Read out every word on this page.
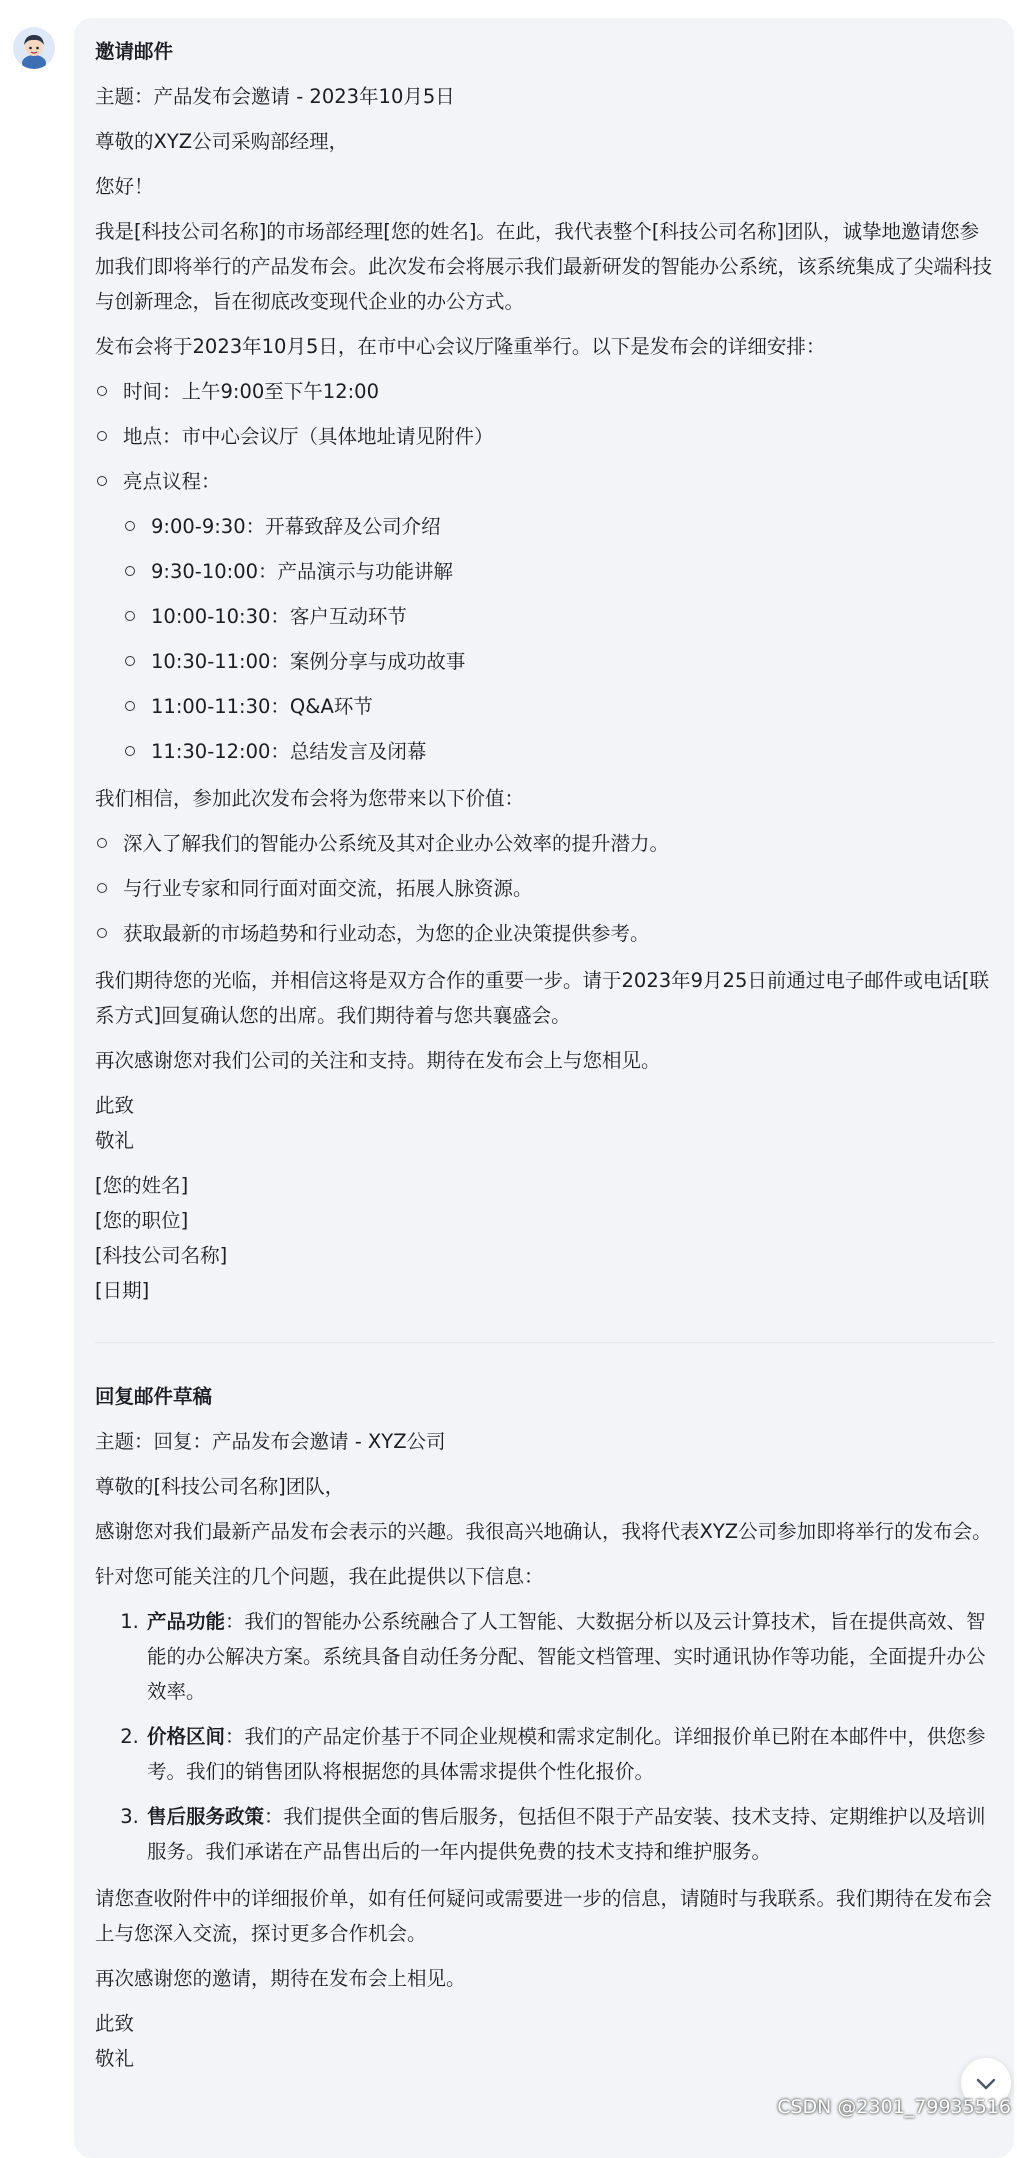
邀请邮件
主题：产品发布会邀请 - 2023年10月5日
尊敬的XYZ公司采购部经理，
您好！
我是[科技公司名称]的市场部经理[您的姓名]。在此，我代表整个[科技公司名称]团队，诚挚地邀请您参加我们即将举行的产品发布会。此次发布会将展示我们最新研发的智能办公系统，该系统集成了尖端科技与创新理念，旨在彻底改变现代企业的办公方式。
发布会将于2023年10月5日，在市中心会议厅隆重举行。以下是发布会的详细安排：
时间：上午9:00至下午12:00
地点：市中心会议厅（具体地址请见附件）
亮点议程：
9:00-9:30：开幕致辞及公司介绍
9:30-10:00：产品演示与功能讲解
10:00-10:30：客户互动环节
10:30-11:00：案例分享与成功故事
11:00-11:30：Q&A环节
11:30-12:00：总结发言及闭幕
我们相信，参加此次发布会将为您带来以下价值：
深入了解我们的智能办公系统及其对企业办公效率的提升潜力。
与行业专家和同行面对面交流，拓展人脉资源。
获取最新的市场趋势和行业动态，为您的企业决策提供参考。
我们期待您的光临，并相信这将是双方合作的重要一步。请于2023年9月25日前通过电子邮件或电话[联系方式]回复确认您的出席。我们期待着与您共襄盛会。
再次感谢您对我们公司的关注和支持。期待在发布会上与您相见。
此致
敬礼
[您的姓名]
[您的职位]
[科技公司名称]
[日期]
回复邮件草稿
主题：回复：产品发布会邀请 - XYZ公司
尊敬的[科技公司名称]团队，
感谢您对我们最新产品发布会表示的兴趣。我很高兴地确认，我将代表XYZ公司参加即将举行的发布会。
针对您可能关注的几个问题，我在此提供以下信息：
1. 产品功能：我们的智能办公系统融合了人工智能、大数据分析以及云计算技术，旨在提供高效、智能的办公解决方案。系统具备自动任务分配、智能文档管理、实时通讯协作等功能，全面提升办公效率。
2. 价格区间：我们的产品定价基于不同企业规模和需求定制化。详细报价单已附在本邮件中，供您参考。我们的销售团队将根据您的具体需求提供个性化报价。
3. 售后服务政策：我们提供全面的售后服务，包括但不限于产品安装、技术支持、定期维护以及培训服务。我们承诺在产品售出后的一年内提供免费的技术支持和维护服务。
请您查收附件中的详细报价单，如有任何疑问或需要进一步的信息，请随时与我联系。我们期待在发布会上与您深入交流，探讨更多合作机会。
再次感谢您的邀请，期待在发布会上相见。
此致
敬礼
CSDN @2301_79935516
